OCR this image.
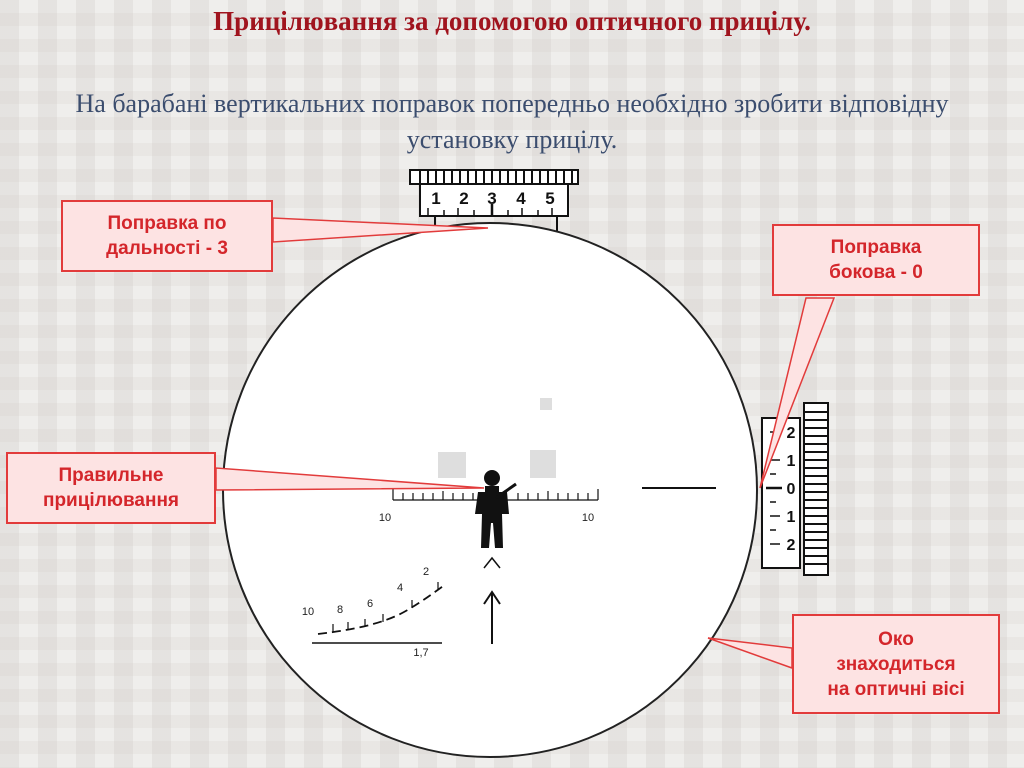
Прицілювання за допомогою оптичного прицілу.
На барабані вертикальних поправок попередньо необхідно зробити відповідну установку прицілу.
1 2 3 4 5
2
1
0
1
2
10	10
10 8 6
4
2
1,7
Поправка по
дальності - 3	Поправка
бокова - 0
Правильне
прицілювання
Око
знаходиться
на оптичні вісі
